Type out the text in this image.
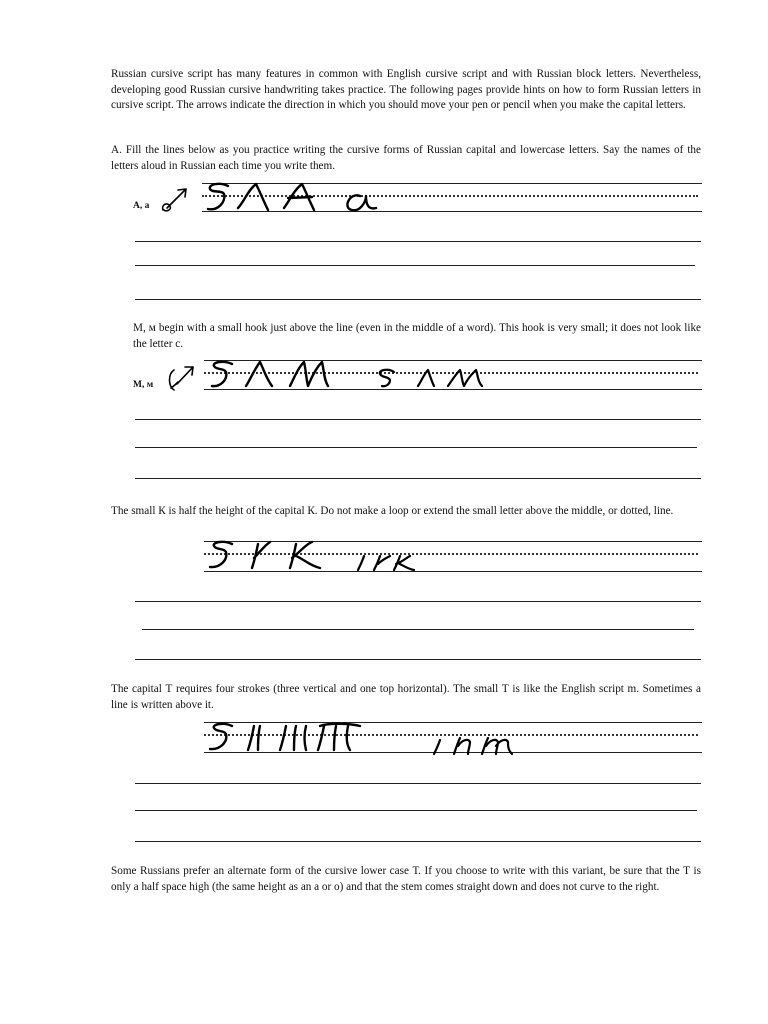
Russian cursive script has many features in common with English cursive script and with Russian block letters. Nevertheless, developing good Russian cursive handwriting takes practice. The following pages provide hints on how to form Russian letters in cursive script. The arrows indicate the direction in which you should move your pen or pencil when you make the capital letters.

A. Fill the lines below as you practice writing the cursive forms of Russian capital and lowercase letters. Say the names of the letters aloud in Russian each time you write them.

А, а

М, м begin with a small hook just above the line (even in the middle of a word). This hook is very small; it does not look like the letter с.

М, м

The small К is half the height of the capital К. Do not make a loop or extend the small letter above the middle, or dotted, line.

The capital Т requires four strokes (three vertical and one top horizontal). The small Т is like the English script m. Sometimes a line is written above it.

Some Russians prefer an alternate form of the cursive lower case Т. If you choose to write with this variant, be sure that the Т is only a half space high (the same height as an а or о) and that the stem comes straight down and does not curve to the right.
